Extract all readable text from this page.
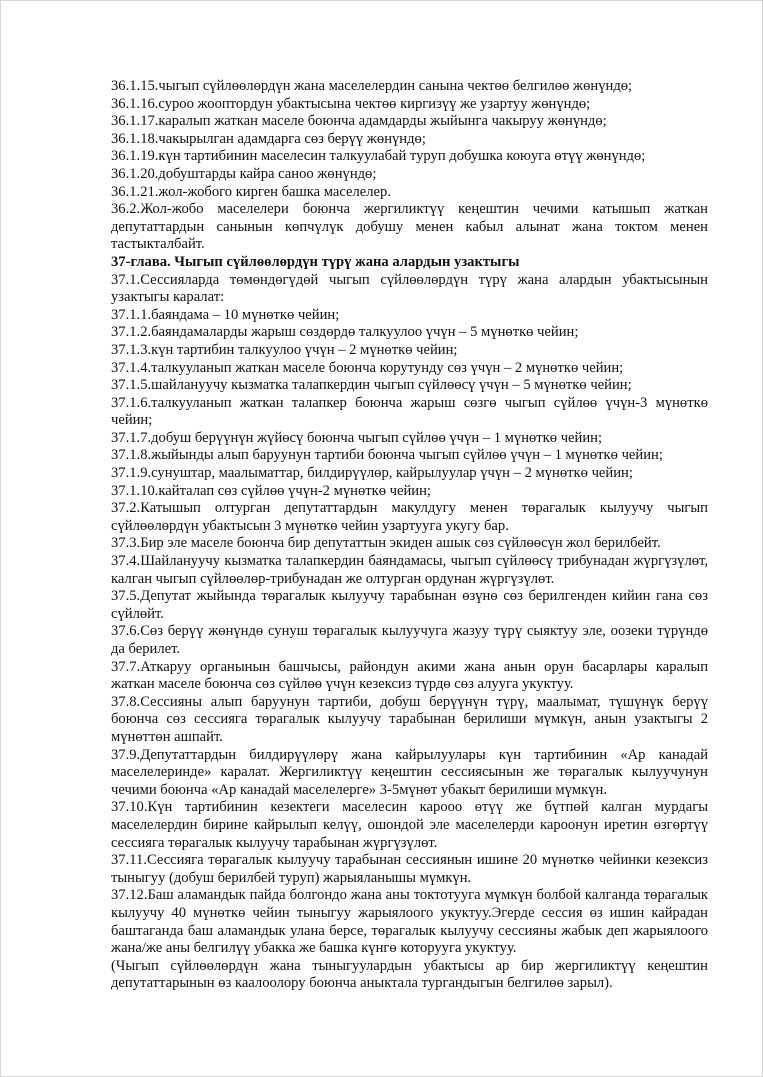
36.1.15.чыгып сүйлөөлөрдүн жана маселелердин санына чектөө белгилөө жөнүндө;
36.1.16.суроо жооптордун убактысына чектөө киргизүү же узартуу жөнүндө;
36.1.17.каралып жаткан маселе боюнча адамдарды жыйынга чакыруу жөнүндө;
36.1.18.чакырылган адамдарга сөз берүү жөнүндө;
36.1.19.күн тартибинин маселесин талкуулабай туруп добушка коюуга өтүү жөнүндө;
36.1.20.добуштарды кайра саноо жөнүндө;
36.1.21.жол-жобого кирген башка маселелер.
36.2.Жол-жобо маселелери боюнча жергиликтүү кеңештин чечими катышып жаткан депутаттардын санынын көпчүлүк добушу менен кабыл алынат жана токтом менен тастыкталбайт.
37-глава. Чыгып сүйлөөлөрдүн түрү жана алардын узактыгы
37.1.Сессияларда төмөндөгүдөй чыгып сүйлөөлөрдүн түрү жана алардын убактысынын узактыгы каралат:
37.1.1.баяндама – 10 мүнөткө чейин;
37.1.2.баяндамаларды жарыш сөздөрдө талкуулоо үчүн – 5 мүнөткө чейин;
37.1.3.күн тартибин талкуулоо үчүн – 2 мүнөткө чейин;
37.1.4.талкууланып жаткан маселе боюнча корутунду сөз үчүн – 2 мүнөткө чейин;
37.1.5.шайлануучу кызматка талапкердин чыгып сүйлөөсү үчүн – 5 мүнөткө чейин;
37.1.6.талкууланып жаткан талапкер боюнча жарыш сөзгө чыгып сүйлөө үчүн-3 мүнөткө чейин;
37.1.7.добуш берүүнүн жүйөсү боюнча чыгып сүйлөө үчүн – 1 мүнөткө чейин;
37.1.8.жыйынды алып баруунун тартиби боюнча чыгып сүйлөө үчүн – 1 мүнөткө чейин;
37.1.9.сунуштар, маалыматтар, билдирүүлөр, кайрылуулар үчүн – 2 мүнөткө чейин;
37.1.10.кайталап сөз сүйлөө үчүн-2 мүнөткө чейин;
37.2.Катышып олтурган депутаттардын макулдугу менен төрагалык кылуучу чыгып сүйлөөлөрдүн убактысын 3 мүнөткө чейин узартууга укугу бар.
37.3.Бир эле маселе боюнча бир депутаттын экиден ашык сөз сүйлөөсүн жол берилбейт.
37.4.Шайлануучу кызматка талапкердин баяндамасы, чыгып сүйлөөсү трибунадан жүргүзүлөт, калган чыгып сүйлөөлөр-трибунадан же олтурган ордунан жүргүзүлөт.
37.5.Депутат жыйында төрагалык кылуучу тарабынан өзүнө сөз берилгенден кийин гана сөз сүйлөйт.
37.6.Сөз берүү жөнүндө сунуш төрагалык кылуучуга жазуу түрү сыяктуу эле, оозеки түрүндө да берилет.
37.7.Аткаруу органынын башчысы, райондун акими жана анын орун басарлары каралып жаткан маселе боюнча сөз сүйлөө үчүн кезексиз түрдө сөз алууга укуктуу.
37.8.Сессияны алып баруунун тартиби, добуш берүүнүн түрү, маалымат, түшүнүк берүү боюнча сөз сессияга төрагалык кылуучу тарабынан берилиши мүмкүн, анын узактыгы 2 мүнөттөн ашпайт.
37.9.Депутаттардын билдирүүлөрү жана кайрылуулары күн тартибинин «Ар канадай маселелеринде» каралат. Жергиликтүү кеңештин сессиясынын же төрагалык кылуучунун чечими боюнча «Ар канадай маселелерге» 3-5мүнөт убакыт берилиши мүмкүн.
37.10.Күн тартибинин кезектеги маселесин карооо өтүү же бүтпөй калган мурдагы маселелердин бирине кайрылып келүү, ошондой эле маселелерди кароонун иретин өзгөртүү сессияга төрагалык кылуучу тарабынан жүргүзүлөт.
37.11.Сессияга төрагалык кылуучу тарабынан сессиянын ишине 20 мүнөткө чейинки кезексиз тыныгуу (добуш берилбей туруп) жарыяланышы мүмкүн.
37.12.Баш аламандык пайда болгондо жана аны токтотууга мүмкүн болбой калганда төрагалык кылуучу 40 мүнөткө чейин тыныгуу жарыялоого укуктуу.Эгерде сессия өз ишин кайрадан баштаганда баш аламандык улана берсе, төрагалык кылуучу сессияны жабык деп жарыялоого жана/же аны белгилүү убакка же башка күнгө которууга укуктуу.
(Чыгып сүйлөөлөрдүн жана тыныгуулардын убактысы ар бир жергиликтүү кеңештин депутаттарынын өз каалоолору боюнча аныктала тургандыгын белгилөө зарыл).
